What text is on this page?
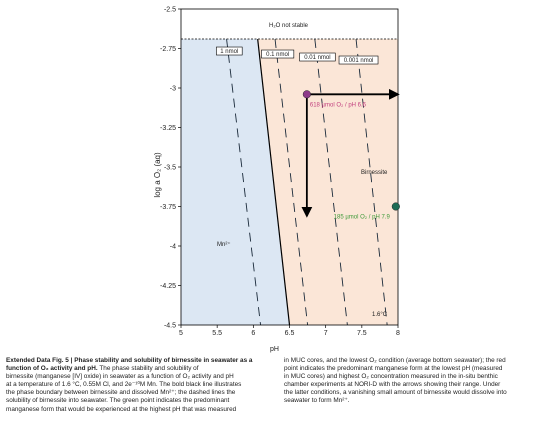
1 nmol	0.1 nmol	0.01 nmol 0.001 nmol
5	5.5	6	6.5	7	7.5	8
-2.5
-2.75
-3
-3.25
-3.5
-3.75
-4
-4.25
-4.5
618 µmol O₂ / pH 6.6
185 µmol O₂ / pH 7.9
H₂O not stable
Mn²⁺
Birnessite
1.6°C
log a O₂ (aq)
pH

Extended Data Fig. 5 | Phase stability and solubility of birnessite in seawater as a function of O₂ activity and pH. The phase stability and solubility of

birnessite (manganese [IV] oxide) in seawater as a function of O₂ activity and pH

at a temperature of 1.6 °C, 0.55M Cl, and 2e⁻¹⁰M Mn. The bold black line illustrates

the phase boundary between birnessite and dissolved Mn²⁺; the dashed lines the

solubility of birnessite into seawater. The green point indicates the predominant

manganese form that would be experienced at the highest pH that was measured

in MUC cores, and the lowest O₂ condition (average bottom seawater); the red

point indicates the predominant manganese form at the lowest pH (measured

in MUC cores) and highest O₂ concentration measured in the in-situ benthic

chamber experiments at NORI-D with the arrows showing their range. Under

the latter conditions, a vanishing small amount of birnessite would dissolve into

seawater to form Mn²⁺.
